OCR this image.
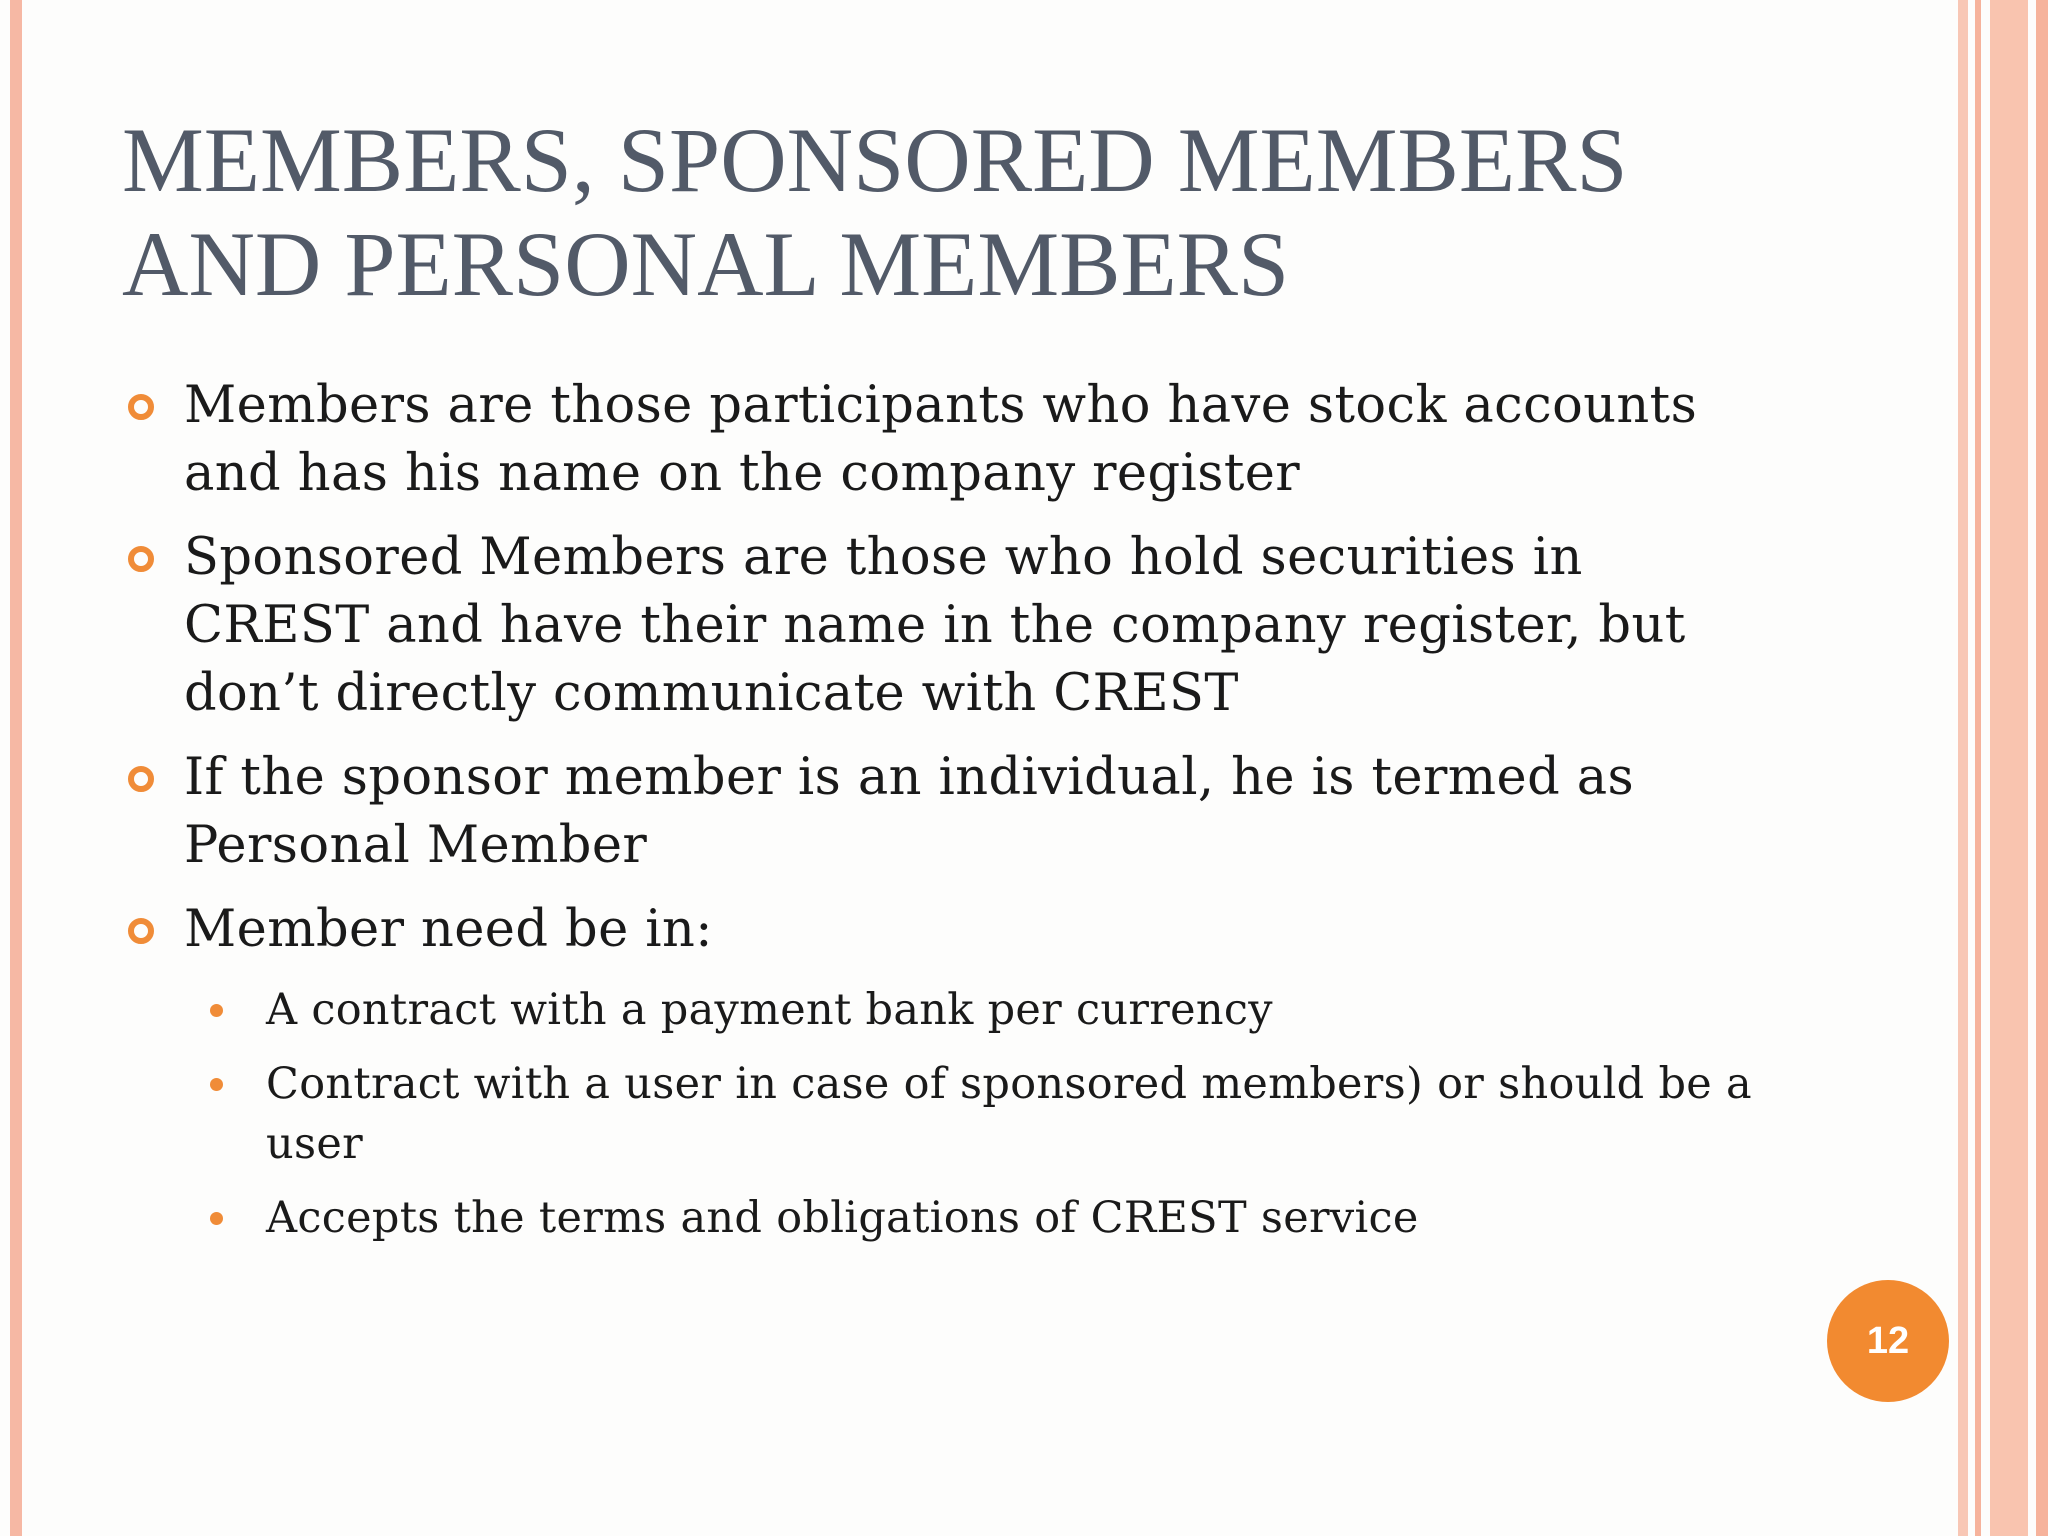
MEMBERS, SPONSORED MEMBERS
AND PERSONAL MEMBERS
Members are those participants who have stock accounts and has his name on the company register
Sponsored Members are those who hold securities in CREST and have their name in the company register, but don’t directly communicate with CREST
If the sponsor member is an individual, he is termed as Personal Member
Member need be in:
A contract with a payment bank per currency
Contract with a user in case of sponsored members) or should be a user
Accepts the terms and obligations of CREST service
12
